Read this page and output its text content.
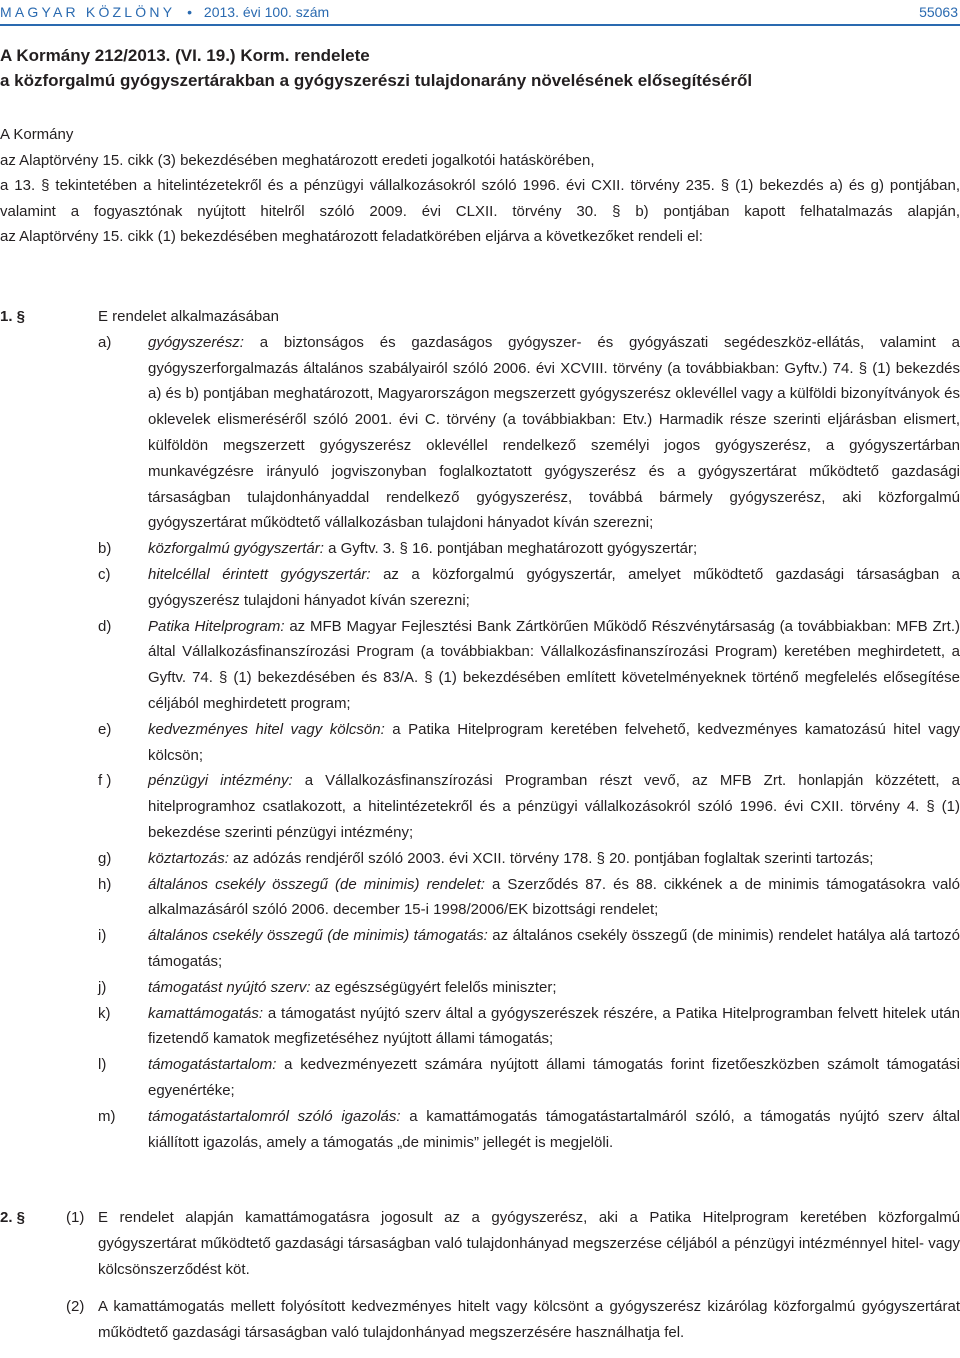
MAGYAR KÖZLÖNY • 2013. évi 100. szám	55063
A Kormány 212/2013. (VI. 19.) Korm. rendelete
a közforgalmú gyógyszertárakban a gyógyszerészi tulajdonarány növelésének elősegítéséről
A Kormány
az Alaptörvény 15. cikk (3) bekezdésében meghatározott eredeti jogalkotói hatáskörében,
a 13. § tekintetében a hitelintézetekről és a pénzügyi vállalkozásokról szóló 1996. évi CXII. törvény 235. § (1) bekezdés a) és g) pontjában, valamint a fogyasztónak nyújtott hitelről szóló 2009. évi CLXII. törvény 30. § b) pontjában kapott felhatalmazás alapján,
az Alaptörvény 15. cikk (1) bekezdésében meghatározott feladatkörében eljárva a következőket rendeli el:
1. §	E rendelet alkalmazásában
a) gyógyszerész: a biztonságos és gazdaságos gyógyszer- és gyógyászati segédeszköz-ellátás, valamint a gyógyszerforgalmazás általános szabályairól szóló 2006. évi XCVIII. törvény (a továbbiakban: Gyftv.) 74. § (1) bekezdés a) és b) pontjában meghatározott, Magyarországon megszerzett gyógyszerész oklevéllel vagy a külföldi bizonyítványok és oklevelek elismeréséről szóló 2001. évi C. törvény (a továbbiakban: Etv.) Harmadik része szerinti eljárásban elismert, külföldön megszerzett gyógyszerész oklevéllel rendelkező személyi jogos gyógyszerész, a gyógyszertárban munkavégzésre irányuló jogviszonyban foglalkoztatott gyógyszerész és a gyógyszertárat működtető gazdasági társaságban tulajdonhányaddal rendelkező gyógyszerész, továbbá bármely gyógyszerész, aki közforgalmú gyógyszertárat működtető vállalkozásban tulajdoni hányadot kíván szerezni;
b) közforgalmú gyógyszertár: a Gyftv. 3. § 16. pontjában meghatározott gyógyszertár;
c)	hitelcéllal érintett gyógyszertár: az a közforgalmú gyógyszertár, amelyet működtető gazdasági társaságban a gyógyszerész tulajdoni hányadot kíván szerezni;
d) Patika Hitelprogram: az MFB Magyar Fejlesztési Bank Zártkörűen Működő Részvénytársaság (a továbbiakban: MFB Zrt.) által Vállalkozásfinanszírozási Program (a továbbiakban: Vállalkozásfinanszírozási Program) keretében meghirdetett, a Gyftv. 74. § (1) bekezdésében és 83/A. § (1) bekezdésében említett követelményeknek történő megfelelés elősegítése céljából meghirdetett program;
e) kedvezményes hitel vagy kölcsön: a Patika Hitelprogram keretében felvehető, kedvezményes kamatozású hitel vagy kölcsön;
f ) pénzügyi intézmény: a Vállalkozásfinanszírozási Programban részt vevő, az MFB Zrt. honlapján közzétett, a hitelprogramhoz csatlakozott, a hitelintézetekről és a pénzügyi vállalkozásokról szóló 1996. évi CXII. törvény 4. § (1) bekezdése szerinti pénzügyi intézmény;
g) köztartozás: az adózás rendjéről szóló 2003. évi XCII. törvény 178. § 20. pontjában foglaltak szerinti tartozás;
h) általános csekély összegű (de minimis) rendelet: a Szerződés 87. és 88. cikkének a de minimis támogatásokra való alkalmazásáról szóló 2006. december 15-i 1998/2006/EK bizottsági rendelet;
i)	általános csekély összegű (de minimis) támogatás: az általános csekély összegű (de minimis) rendelet hatálya alá tartozó támogatás;
j)	támogatást nyújtó szerv: az egészségügyért felelős miniszter;
k)	kamattámogatás: a támogatást nyújtó szerv által a gyógyszerészek részére, a Patika Hitelprogramban felvett hitelek után fizetendő kamatok megfizetéséhez nyújtott állami támogatás;
l)	támogatástartalom: a kedvezményezett számára nyújtott állami támogatás forint fizetőeszközben számolt támogatási egyenértéke;
m) támogatástartalomról szóló igazolás: a kamattámogatás támogatástartalmáról szóló, a támogatás nyújtó szerv által kiállított igazolás, amely a támogatás „de minimis” jellegét is megjelöli.
2. §	(1) E rendelet alapján kamattámogatásra jogosult az a gyógyszerész, aki a Patika Hitelprogram keretében közforgalmú gyógyszertárat működtető gazdasági társaságban való tulajdonhányad megszerzése céljából a pénzügyi intézménnyel hitel- vagy kölcsönszerződést köt.
(2) A kamattámogatás mellett folyósított kedvezményes hitelt vagy kölcsönt a gyógyszerész kizárólag közforgalmú gyógyszertárat működtető gazdasági társaságban való tulajdonhányad megszerzésére használhatja fel.
